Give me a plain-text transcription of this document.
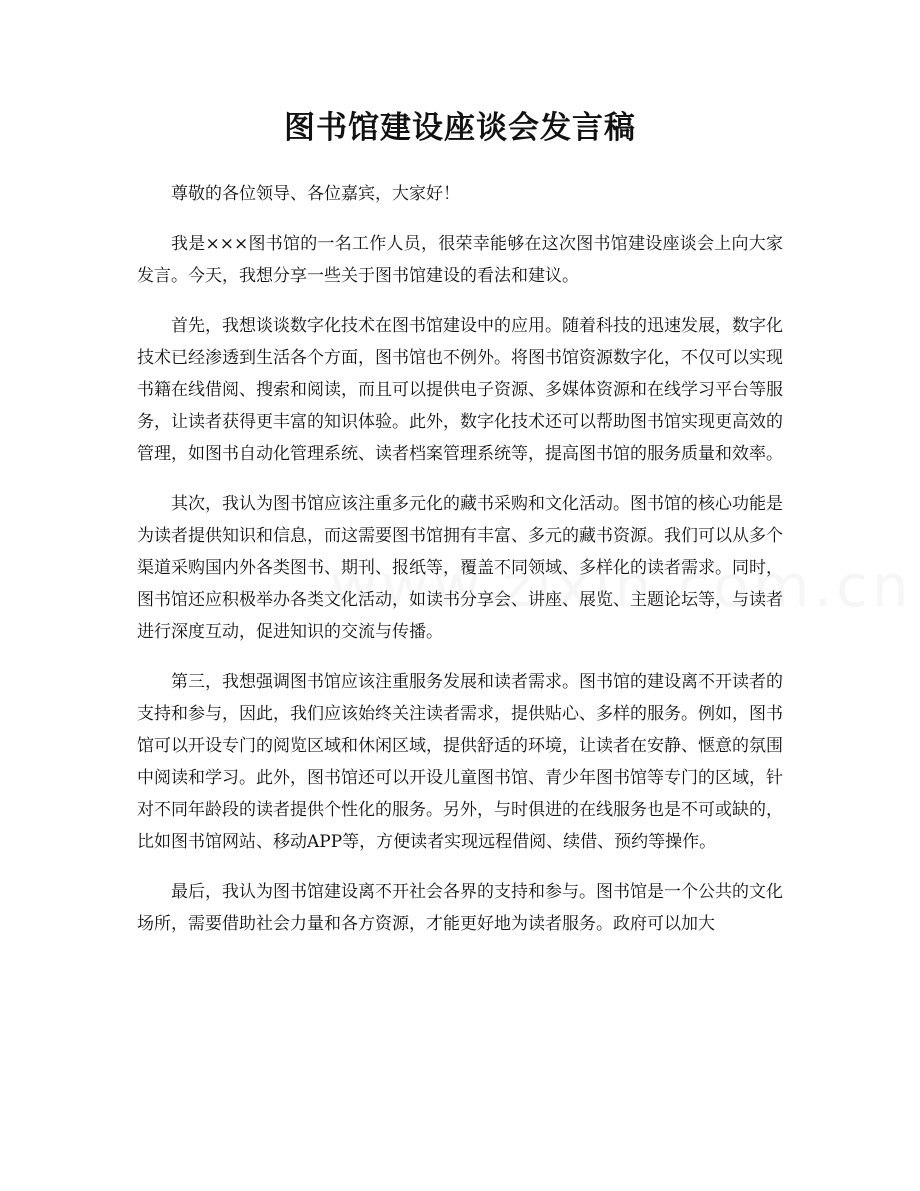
图书馆建设座谈会发言稿

尊敬的各位领导、各位嘉宾，大家好！

我是×××图书馆的一名工作人员，很荣幸能够在这次图书馆建设座谈会上向大家发言。今天，我想分享一些关于图书馆建设的看法和建议。

首先，我想谈谈数字化技术在图书馆建设中的应用。随着科技的迅速发展，数字化技术已经渗透到生活各个方面，图书馆也不例外。将图书馆资源数字化，不仅可以实现书籍在线借阅、搜索和阅读，而且可以提供电子资源、多媒体资源和在线学习平台等服务，让读者获得更丰富的知识体验。此外，数字化技术还可以帮助图书馆实现更高效的管理，如图书自动化管理系统、读者档案管理系统等，提高图书馆的服务质量和效率。

其次，我认为图书馆应该注重多元化的藏书采购和文化活动。图书馆的核心功能是为读者提供知识和信息，而这需要图书馆拥有丰富、多元的藏书资源。我们可以从多个渠道采购国内外各类图书、期刊、报纸等，覆盖不同领域、多样化的读者需求。同时，图书馆还应积极举办各类文化活动，如读书分享会、讲座、展览、主题论坛等，与读者进行深度互动，促进知识的交流与传播。

第三，我想强调图书馆应该注重服务发展和读者需求。图书馆的建设离不开读者的支持和参与，因此，我们应该始终关注读者需求，提供贴心、多样的服务。例如，图书馆可以开设专门的阅览区域和休闲区域，提供舒适的环境，让读者在安静、惬意的氛围中阅读和学习。此外，图书馆还可以开设儿童图书馆、青少年图书馆等专门的区域，针对不同年龄段的读者提供个性化的服务。另外，与时俱进的在线服务也是不可或缺的，比如图书馆网站、移动APP等，方便读者实现远程借阅、续借、预约等操作。

最后，我认为图书馆建设离不开社会各界的支持和参与。图书馆是一个公共的文化场所，需要借助社会力量和各方资源，才能更好地为读者服务。政府可以加大
